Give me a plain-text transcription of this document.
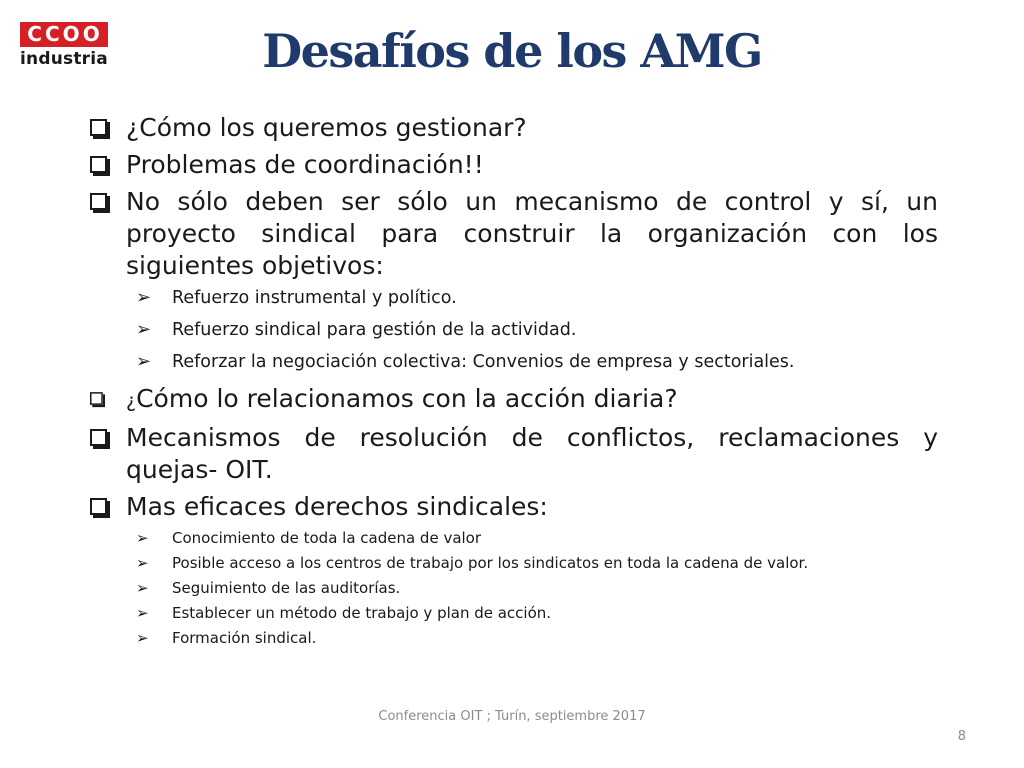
C C O O
industria	Desafíos de los AMG
¿Cómo los queremos gestionar?
Problemas de coordinación!!
No sólo deben ser sólo un mecanismo de control y sí, un proyecto sindical para construir la organización con los siguientes objetivos:
➢ Refuerzo instrumental y político.
➢ Refuerzo sindical para gestión de la actividad.
➢ Reforzar la negociación colectiva: Convenios de empresa y sectoriales.
¿Cómo lo relacionamos con la acción diaria?
Mecanismos de resolución de conflictos, reclamaciones y quejas- OIT.
Mas eficaces derechos sindicales:
➢ Conocimiento de toda la cadena de valor
➢ Posible acceso a los centros de trabajo por los sindicatos en toda la cadena de valor.
➢ Seguimiento de las auditorías.
➢ Establecer un método de trabajo y plan de acción.
➢ Formación sindical.
Conferencia OIT ; Turín, septiembre 2017
8
